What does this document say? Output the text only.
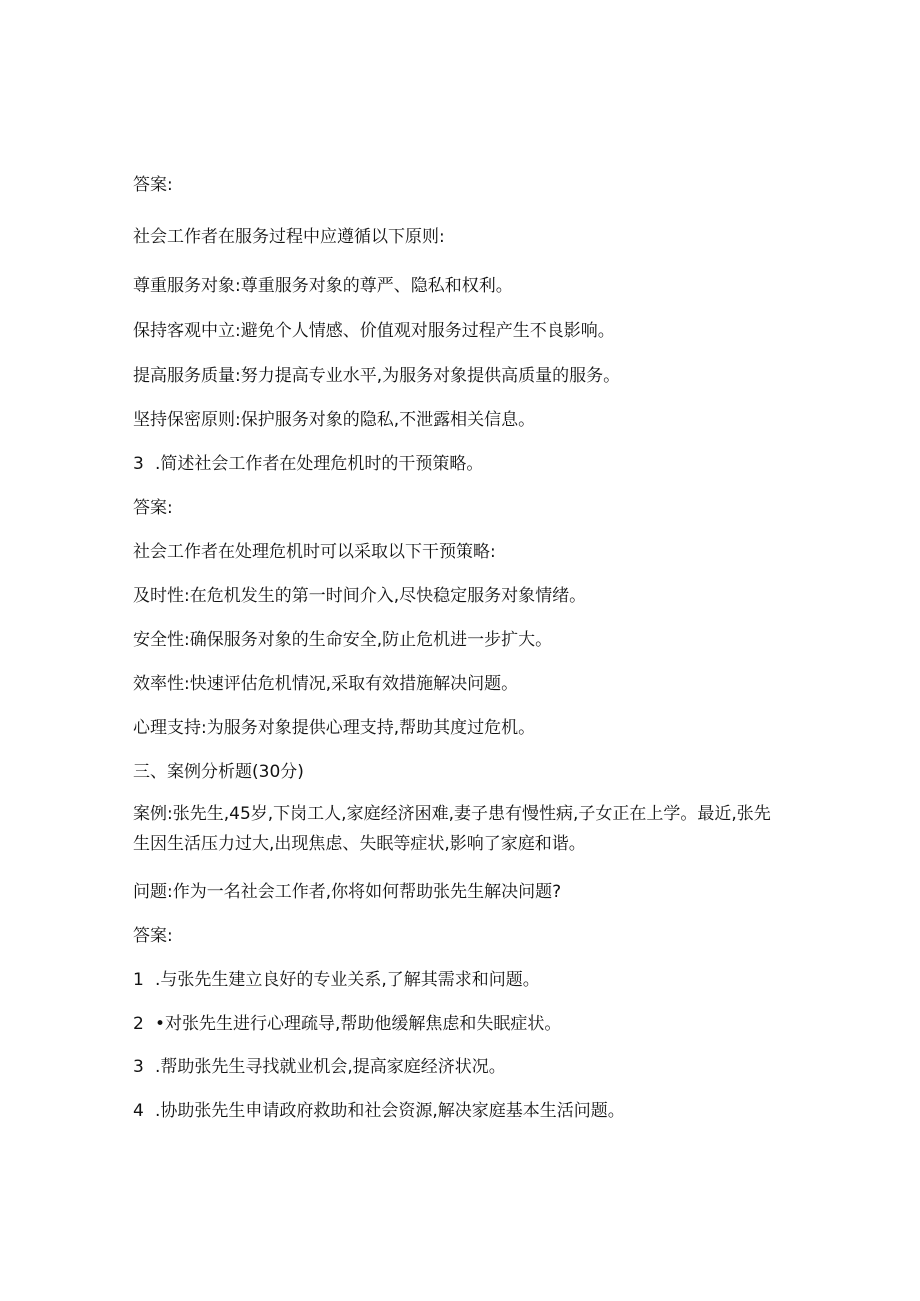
答案:
社会工作者在服务过程中应遵循以下原则:
尊重服务对象:尊重服务对象的尊严、隐私和权利。
保持客观中立:避免个人情感、价值观对服务过程产生不良影响。
提高服务质量:努力提高专业水平,为服务对象提供高质量的服务。
坚持保密原则:保护服务对象的隐私,不泄露相关信息。
3 .简述社会工作者在处理危机时的干预策略。
答案:
社会工作者在处理危机时可以采取以下干预策略:
及时性:在危机发生的第一时间介入,尽快稳定服务对象情绪。
安全性:确保服务对象的生命安全,防止危机进一步扩大。
效率性:快速评估危机情况,采取有效措施解决问题。
心理支持:为服务对象提供心理支持,帮助其度过危机。
三、案例分析题(30分)
案例:张先生,45岁,下岗工人,家庭经济困难,妻子患有慢性病,子女正在上学。最近,张先生因生活压力过大,出现焦虑、失眠等症状,影响了家庭和谐。
问题:作为一名社会工作者,你将如何帮助张先生解决问题?
答案:
1 .与张先生建立良好的专业关系,了解其需求和问题。
2 •对张先生进行心理疏导,帮助他缓解焦虑和失眠症状。
3 .帮助张先生寻找就业机会,提高家庭经济状况。
4 .协助张先生申请政府救助和社会资源,解决家庭基本生活问题。
